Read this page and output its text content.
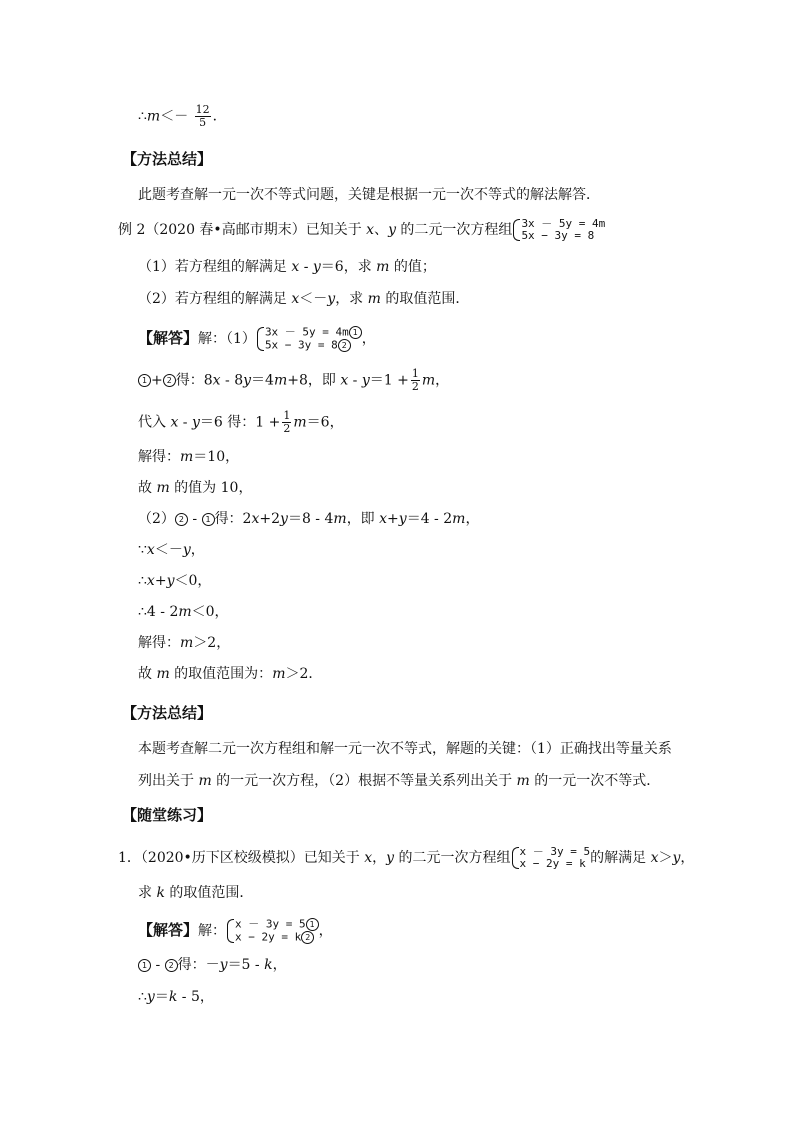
∴m＜－ $\frac{12}{5}$ ．
【方法总结】
此题考查解一元一次不等式问题，关键是根据一元一次不等式的解法解答．
例 2（2020 春•高邮市期末）已知关于 x、y 的二元一次方程组 3x － 5y = 4m
5x − 3y = 8
（1）若方程组的解满足 x - y＝6，求 m 的值；
（2）若方程组的解满足 x＜－y，求 m 的取值范围．
【解答】解：（1） 3x － 5y = 4m 1
5x − 3y = 8 2	，
1 + 2 得：8x - 8y＝4m+8，即 $x - y=1 + \frac{1}{2}$ m，
代入 x - y＝6 得：$1 + \frac{1}{2} m=6$，
解得：m＝10，
故 m 的值为 10，
（2） 2 - 1 得：2x+2y＝8 - 4m，即 x+y＝4 - 2m，
∵x＜－y，
∴x+y＜0，
∴4 - 2m＜0，
解得：m＞2，
故 m 的取值范围为：m＞2．
【方法总结】
本题考查解二元一次方程组和解一元一次不等式，解题的关键：（1）正确找出等量关系
列出关于 m 的一元一次方程，（2）根据不等量关系列出关于 m 的一元一次不等式．
【随堂练习】
1．（2020•历下区校级模拟）已知关于 x，y 的二元一次方程组 x － 3y = 5
x − 2y = k 的解满足 x＞y，
求 k 的取值范围．
【解答】解： x － 3y = 5 1
x − 2y = k 2 ，
1 - 2 得：－y＝5 - k，
∴y＝k - 5，
